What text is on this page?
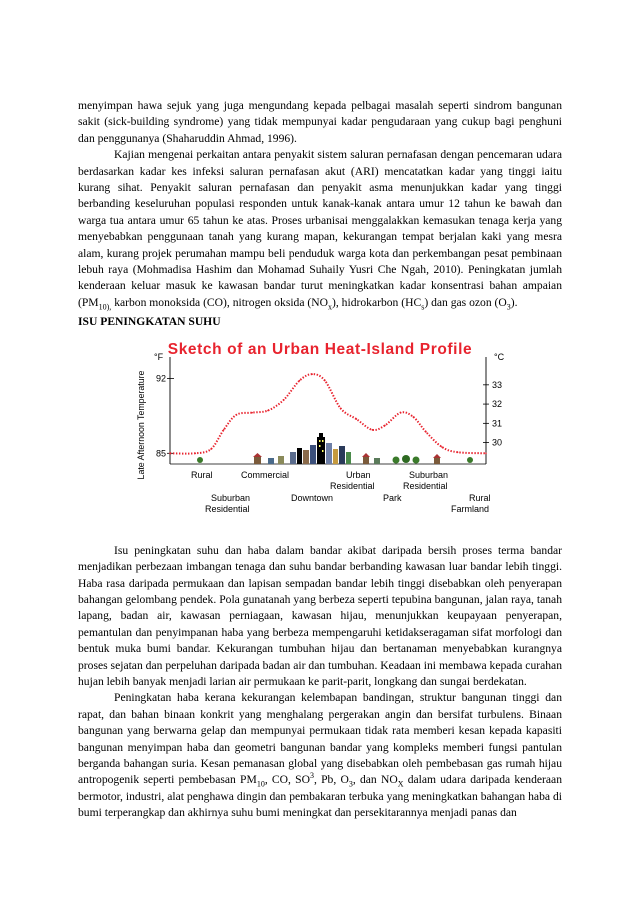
menyimpan hawa sejuk yang juga mengundang kepada pelbagai masalah seperti sindrom bangunan sakit (sick-building syndrome) yang tidak mempunyai kadar pengudaraan yang cukup bagi penghuni dan penggunanya (Shaharuddin Ahmad, 1996).

Kajian mengenai perkaitan antara penyakit sistem saluran pernafasan dengan pencemaran udara berdasarkan kadar kes infeksi saluran pernafasan akut (ARI) mencatatkan kadar yang tinggi iaitu kurang sihat. Penyakit saluran pernafasan dan penyakit asma menunjukkan kadar yang tinggi berbanding keseluruhan populasi responden untuk kanak-kanak antara umur 12 tahun ke bawah dan warga tua antara umur 65 tahun ke atas. Proses urbanisai menggalakkan kemasukan tenaga kerja yang menyebabkan penggunaan tanah yang kurang mapan, kekurangan tempat berjalan kaki yang mesra alam, kurang projek perumahan mampu beli penduduk warga kota dan perkembangan pesat pembinaan lebuh raya (Mohmadisa Hashim dan Mohamad Suhaily Yusri Che Ngah, 2010). Peningkatan jumlah kenderaan keluar masuk ke kawasan bandar turut meningkatkan kadar konsentrasi bahan ampaian ($PM_{10),}$ karbon monoksida (CO), nitrogen oksida $(NO_x)$, hidrokarbon $(HC_s)$ dan gas ozon $(O_3)$.

ISU PENINGKATAN SUHU
Sketch of an Urban Heat-Island Profile
Late Afternoon Temperature
°F	°C
92
85
33
32
31
30
Rural	Commercial	Urban
Residential
Suburban
Residential
Suburban
Residential
Downtown	Park	Rural
Farmland

Isu peningkatan suhu dan haba dalam bandar akibat daripada bersih proses terma bandar menjadikan perbezaan imbangan tenaga dan suhu bandar berbanding kawasan luar bandar lebih tinggi. Haba rasa daripada permukaan dan lapisan sempadan bandar lebih tinggi disebabkan oleh penyerapan bahangan gelombang pendek. Pola gunatanah yang berbeza seperti tepubina bangunan, jalan raya, tanah lapang, badan air, kawasan perniagaan, kawasan hijau, menunjukkan keupayaan penyerapan, pemantulan dan penyimpanan haba yang berbeza mempengaruhi ketidakseragaman sifat morfologi dan bentuk muka bumi bandar. Kekurangan tumbuhan hijau dan bertanaman menyebabkan kurangnya proses sejatan dan perpeluhan daripada badan air dan tumbuhan. Keadaan ini membawa kepada curahan hujan lebih banyak menjadi larian air permukaan ke parit-parit, longkang dan sungai berdekatan.

Peningkatan haba kerana kekurangan kelembapan bandingan, struktur bangunan tinggi dan rapat, dan bahan binaan konkrit yang menghalang pergerakan angin dan bersifat turbulens. Binaan bangunan yang berwarna gelap dan mempunyai permukaan tidak rata memberi kesan kepada kapasiti bangunan menyimpan haba dan geometri bangunan bandar yang kompleks memberi fungsi pantulan berganda bahangan suria. Kesan pemanasan global yang disebabkan oleh pembebasan gas rumah hijau antropogenik seperti pembebasan $PM_{10}$, CO, $SO^3$, Pb, $O_3$, dan $NO_X$ dalam udara daripada kenderaan bermotor, industri, alat penghawa dingin dan pembakaran terbuka yang meningkatkan bahangan haba di bumi terperangkap dan akhirnya suhu bumi meningkat dan persekitarannya menjadi panas dan
